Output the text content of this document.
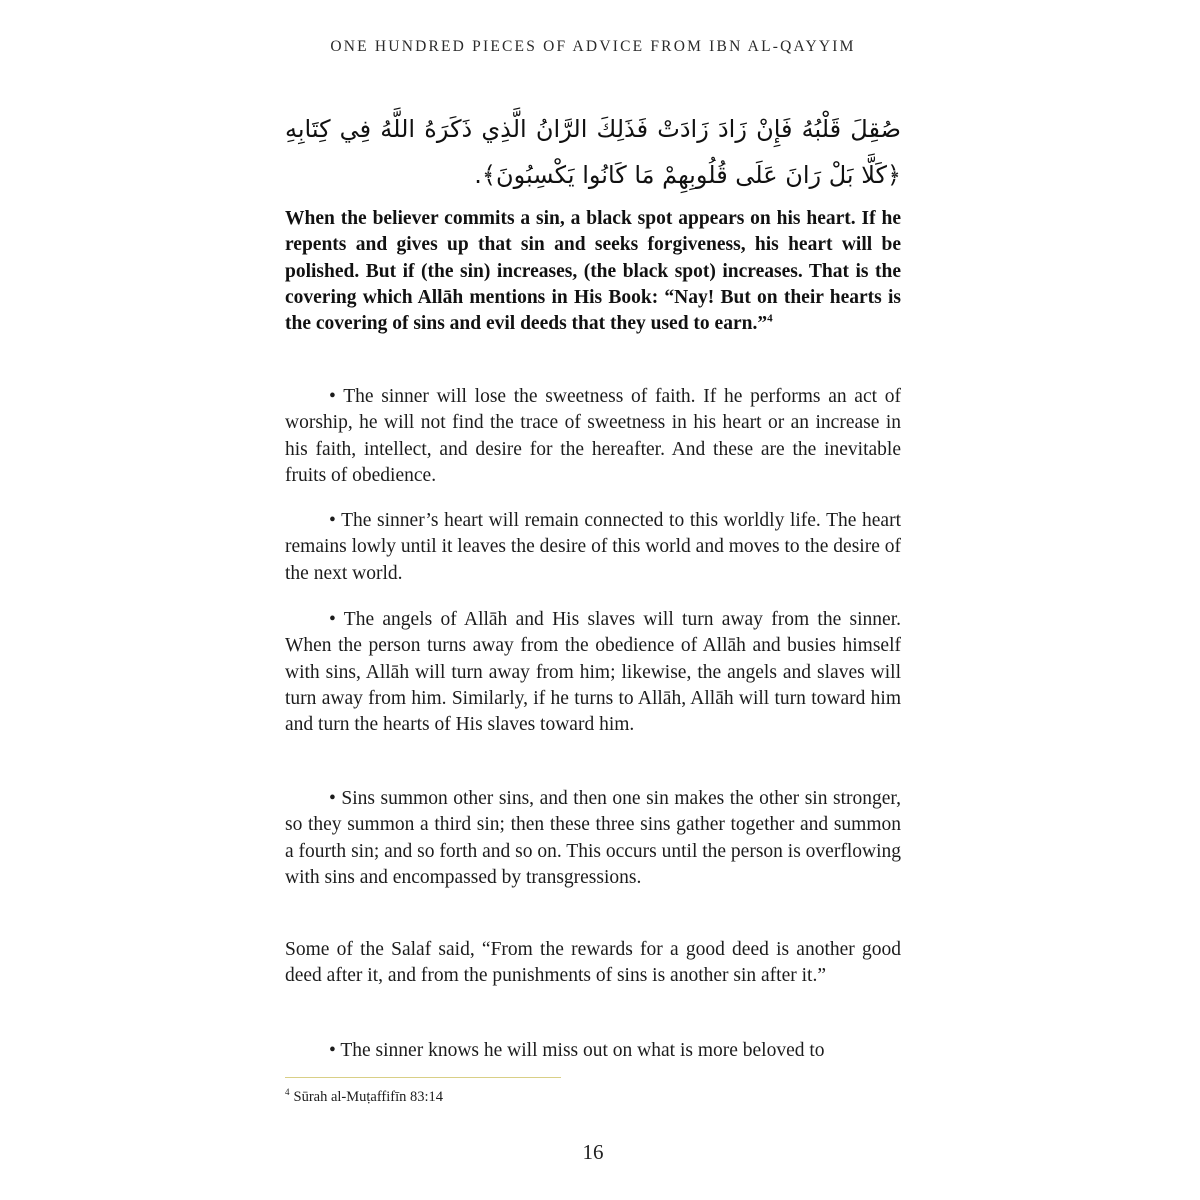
ONE HUNDRED PIECES OF ADVICE FROM IBN AL-QAYYIM
صُقِلَ قَلْبُهُ فَإِنْ زَادَ زَادَتْ فَذَلِكَ الرَّانُ الَّذِي ذَكَرَهُ اللَّهُ فِي كِتَابِهِ ﴿كَلَّا بَلْ رَانَ عَلَى قُلُوبِهِمْ مَا كَانُوا يَكْسِبُونَ﴾.
When the believer commits a sin, a black spot appears on his heart. If he repents and gives up that sin and seeks forgiveness, his heart will be polished. But if (the sin) increases, (the black spot) increases. That is the covering which Allāh mentions in His Book: “Nay! But on their hearts is the covering of sins and evil deeds that they used to earn.”$^4$
• The sinner will lose the sweetness of faith. If he performs an act of worship, he will not find the trace of sweetness in his heart or an increase in his faith, intellect, and desire for the hereafter. And these are the inevitable fruits of obedience.
• The sinner’s heart will remain connected to this worldly life. The heart remains lowly until it leaves the desire of this world and moves to the desire of the next world.
• The angels of Allāh and His slaves will turn away from the sinner. When the person turns away from the obedience of Allāh and busies himself with sins, Allāh will turn away from him; likewise, the angels and slaves will turn away from him. Similarly, if he turns to Allāh, Allāh will turn toward him and turn the hearts of His slaves toward him.
• Sins summon other sins, and then one sin makes the other sin stronger, so they summon a third sin; then these three sins gather together and summon a fourth sin; and so forth and so on. This occurs until the person is overflowing with sins and encompassed by transgressions.
Some of the Salaf said, “From the rewards for a good deed is another good deed after it, and from the punishments of sins is another sin after it.”
• The sinner knows he will miss out on what is more beloved to
$^4$ Sūrah al-Muṭaffifīn 83:14
16
